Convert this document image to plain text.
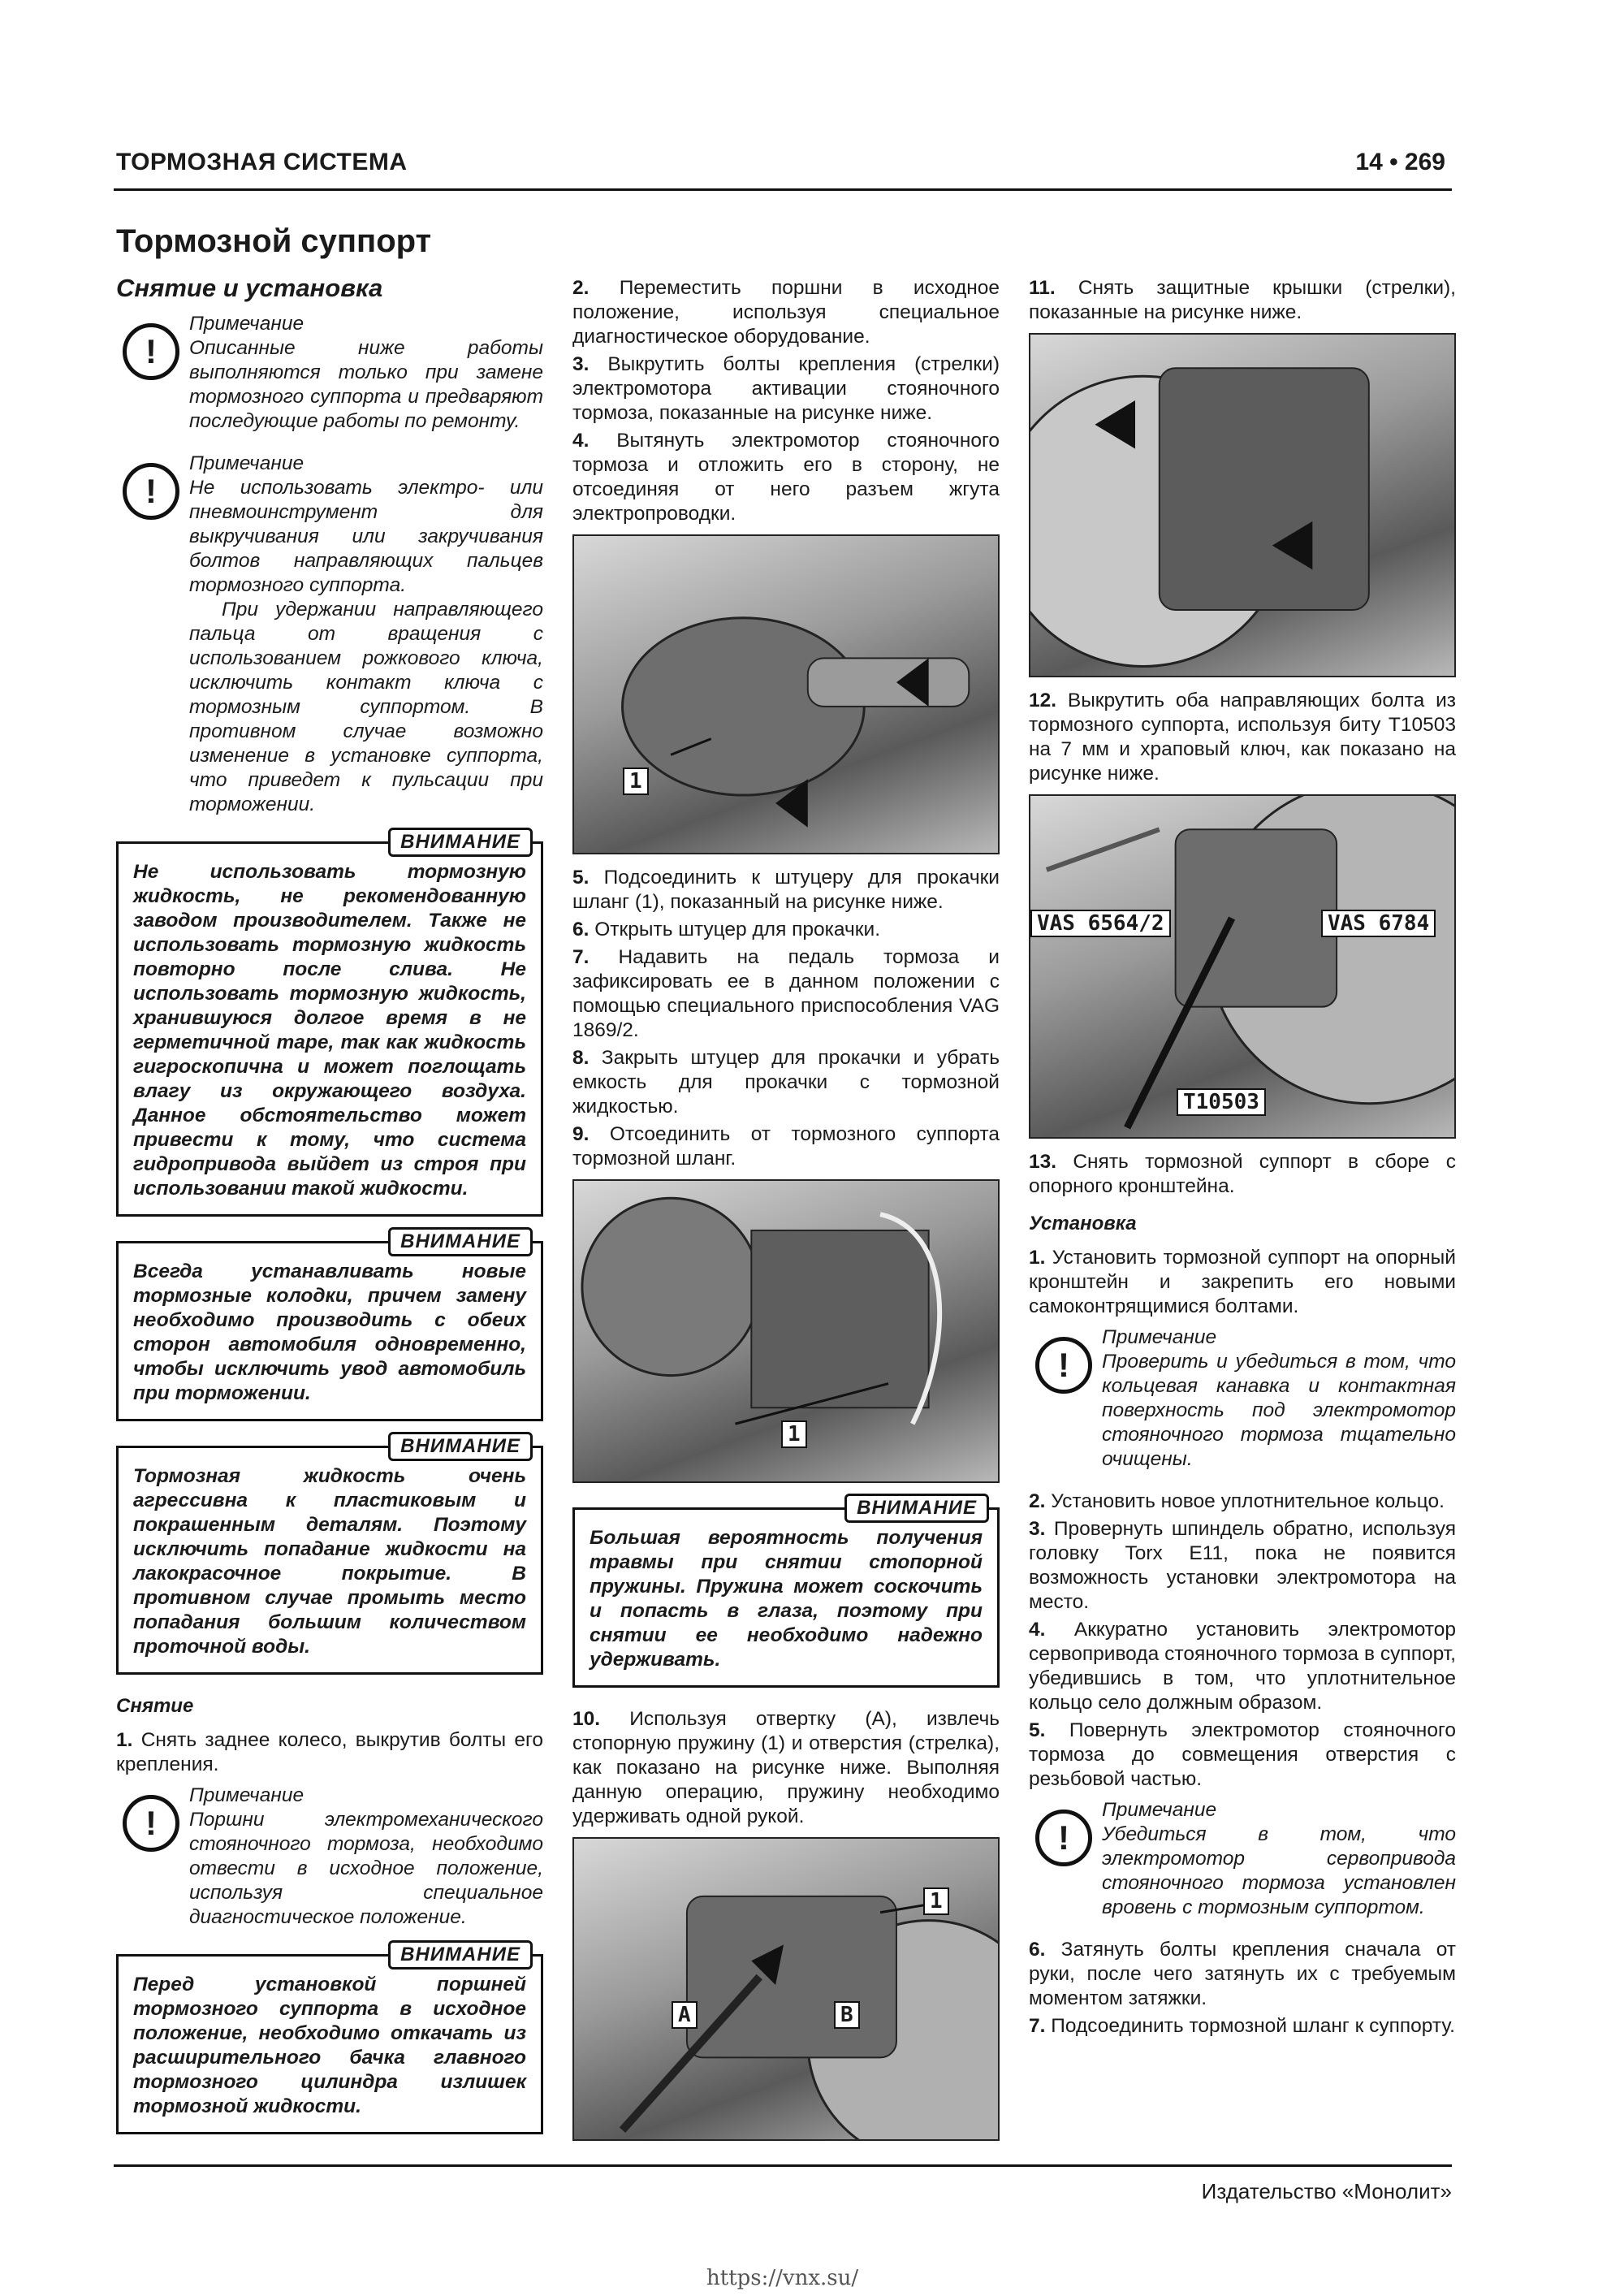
ТОРМОЗНАЯ СИСТЕМА	14 • 269
Тормозной суппорт
Снятие и установка
!
Примечание
Описанные ниже работы выполняются только при замене тормозного суппорта и предваряют последующие работы по ремонту.
!
Примечание
Не использовать электро- или пневмоинструмент для выкручивания или закручивания болтов направляющих пальцев тормозного суппорта.
При удержании направляющего пальца от вращения с использованием рожкового ключа, исключить контакт ключа с тормозным суппортом. В противном случае возможно изменение в установке суппорта, что приведет к пульсации при торможении.
ВНИМАНИЕ
Не использовать тормозную жидкость, не рекомендованную заводом производителем. Также не использовать тормозную жидкость повторно после слива. Не использовать тормозную жидкость, хранившуюся долгое время в не герметичной таре, так как жидкость гигроскопична и может поглощать влагу из окружающего воздуха. Данное обстоятельство может привести к тому, что система гидропривода выйдет из строя при использовании такой жидкости.
ВНИМАНИЕ
Всегда устанавливать новые тормозные колодки, причем замену необходимо производить с обеих сторон автомобиля одновременно, чтобы исключить увод автомобиль при торможении.
ВНИМАНИЕ
Тормозная жидкость очень агрессивна к пластиковым и покрашенным деталям. Поэтому исключить попадание жидкости на лакокрасочное покрытие. В противном случае промыть место попадания большим количеством проточной воды.
Снятие

1. Снять заднее колесо, выкрутив болты его крепления.

!
Примечание
Поршни электромеханического стояночного тормоза, необходимо отвести в исходное положение, используя специальное диагностическое положение.
ВНИМАНИЕ
Перед установкой поршней тормозного суппорта в исходное положение, необходимо откачать из расширительного бачка главного тормозного цилиндра излишек тормозной жидкости.

2. Переместить поршни в исходное положение, используя специальное диагностическое оборудование.

3. Выкрутить болты крепления (стрелки) электромотора активации стояночного тормоза, показанные на рисунке ниже.

4. Вытянуть электромотор стояночного тормоза и отложить его в сторону, не отсоединяя от него разъем жгута электропроводки.

1

5. Подсоединить к штуцеру для прокачки шланг (1), показанный на рисунке ниже.

6. Открыть штуцер для прокачки.

7. Надавить на педаль тормоза и зафиксировать ее в данном положении с помощью специального приспособления VAG 1869/2.

8. Закрыть штуцер для прокачки и убрать емкость для прокачки с тормозной жидкостью.

9. Отсоединить от тормозного суппорта тормозной шланг.

1
ВНИМАНИЕ
Большая вероятность получения травмы при снятии стопорной пружины. Пружина может соскочить и попасть в глаза, поэтому при снятии ее необходимо надежно удерживать.

10. Используя отвертку (А), извлечь стопорную пружину (1) и отверстия (стрелка), как показано на рисунке ниже. Выполняя данную операцию, пружину необходимо удерживать одной рукой.

1
A	B

11. Снять защитные крышки (стрелки), показанные на рисунке ниже.

12. Выкрутить оба направляющих болта из тормозного суппорта, используя биту Т10503 на 7 мм и храповый ключ, как показано на рисунке ниже.

VAS 6564/2	VAS 6784
T10503

13. Снять тормозной суппорт в сборе с опорного кронштейна.

Установка

1. Установить тормозной суппорт на опорный кронштейн и закрепить его новыми самоконтрящимися болтами.

!
Примечание
Проверить и убедиться в том, что кольцевая канавка и контактная поверхность под электромотор стояночного тормоза тщательно очищены.

2. Установить новое уплотнительное кольцо.

3. Провернуть шпиндель обратно, используя головку Torx E11, пока не появится возможность установки электромотора на место.

4. Аккуратно установить электромотор сервопривода стояночного тормоза в суппорт, убедившись в том, что уплотнительное кольцо село должным образом.

5. Повернуть электромотор стояночного тормоза до совмещения отверстия с резьбовой частью.

!
Примечание
Убедиться в том, что электромотор сервопривода стояночного тормоза установлен вровень с тормозным суппортом.

6. Затянуть болты крепления сначала от руки, после чего затянуть их с требуемым моментом затяжки.

7. Подсоединить тормозной шланг к суппорту.

Издательство «Монолит»
https://vnx.su/
